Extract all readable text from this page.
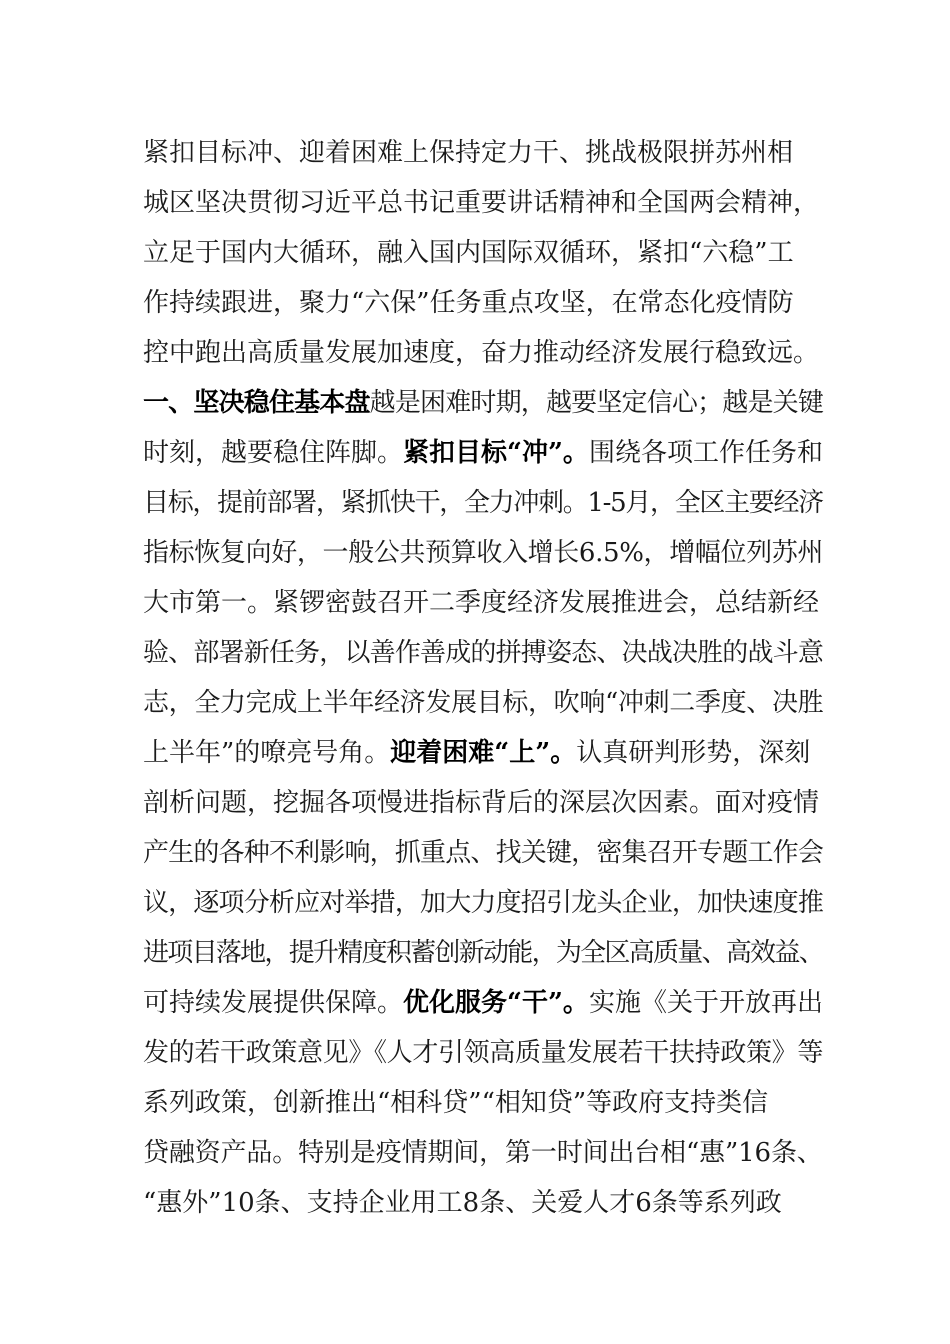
紧扣目标冲、迎着困难上保持定力干、挑战极限拼苏州相
城区坚决贯彻习近平总书记重要讲话精神和全国两会精神，
立足于国内大循环，融入国内国际双循环，紧扣“六稳”工
作持续跟进，聚力“六保”任务重点攻坚，在常态化疫情防
控中跑出高质量发展加速度，奋力推动经济发展行稳致远。
一、坚决稳住基本盘越是困难时期，越要坚定信心；越是关键
时刻，越要稳住阵脚。紧扣目标“冲”。围绕各项工作任务和
目标，提前部署，紧抓快干，全力冲刺。1-5月，全区主要经济
指标恢复向好，一般公共预算收入增长6.5%，增幅位列苏州
大市第一。紧锣密鼓召开二季度经济发展推进会，总结新经
验、部署新任务，以善作善成的拼搏姿态、决战决胜的战斗意
志，全力完成上半年经济发展目标，吹响“冲刺二季度、决胜
上半年”的嘹亮号角。迎着困难“上”。认真研判形势，深刻
剖析问题，挖掘各项慢进指标背后的深层次因素。面对疫情
产生的各种不利影响，抓重点、找关键，密集召开专题工作会
议，逐项分析应对举措，加大力度招引龙头企业，加快速度推
进项目落地，提升精度积蓄创新动能，为全区高质量、高效益、
可持续发展提供保障。优化服务“干”。实施《关于开放再出
发的若干政策意见》《人才引领高质量发展若干扶持政策》等
系列政策，创新推出“相科贷”“相知贷”等政府支持类信
贷融资产品。特别是疫情期间，第一时间出台相“惠”16条、
“惠外”10条、支持企业用工8条、关爱人才6条等系列政
